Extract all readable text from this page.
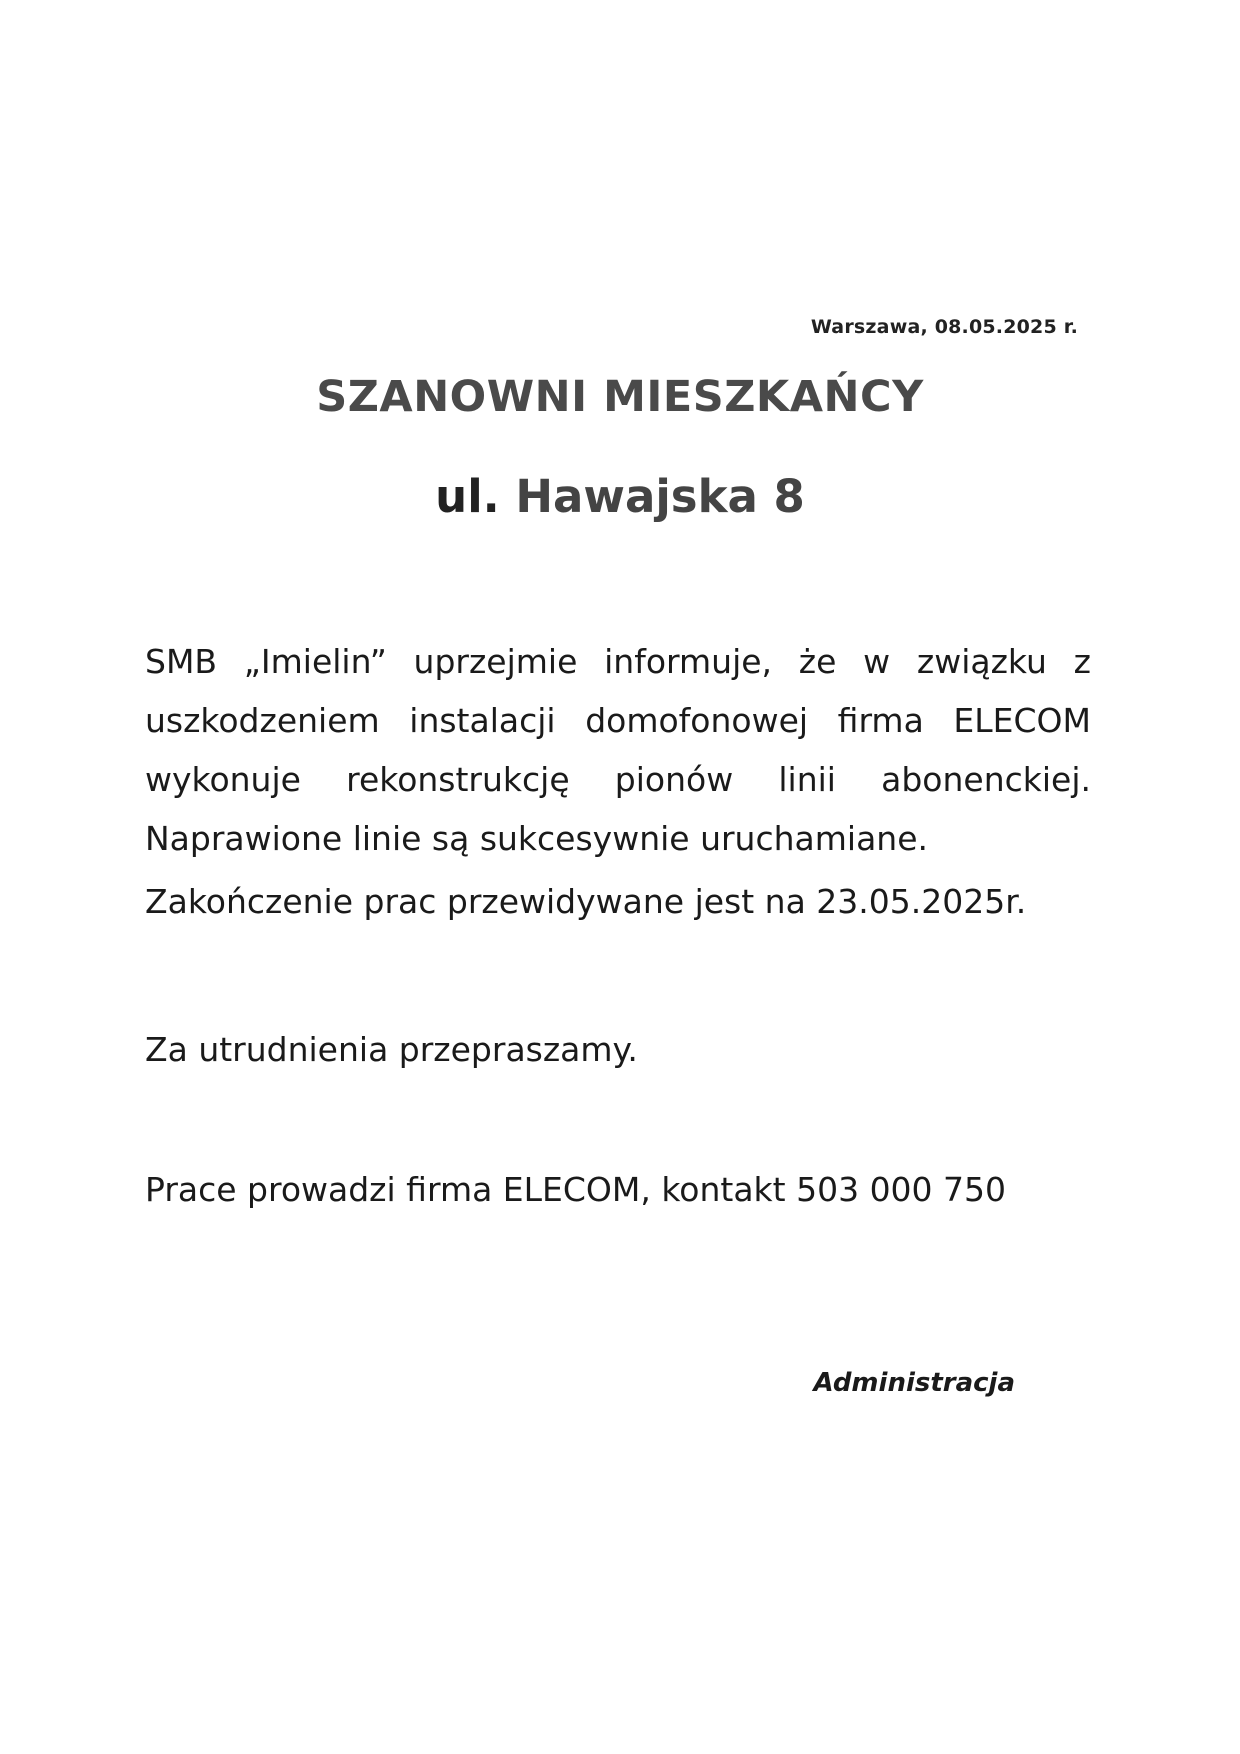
Warszawa, 08.05.2025 r.
SZANOWNI MIESZKAŃCY
ul. Hawajska 8
SMB „Imielin” uprzejmie informuje, że w związku z
uszkodzeniem instalacji domofonowej firma ELECOM
wykonuje rekonstrukcję pionów linii abonenckiej.
Naprawione linie są sukcesywnie uruchamiane.
Zakończenie prac przewidywane jest na 23.05.2025r.
Za utrudnienia przepraszamy.
Prace prowadzi firma ELECOM, kontakt 503 000 750
Administracja
